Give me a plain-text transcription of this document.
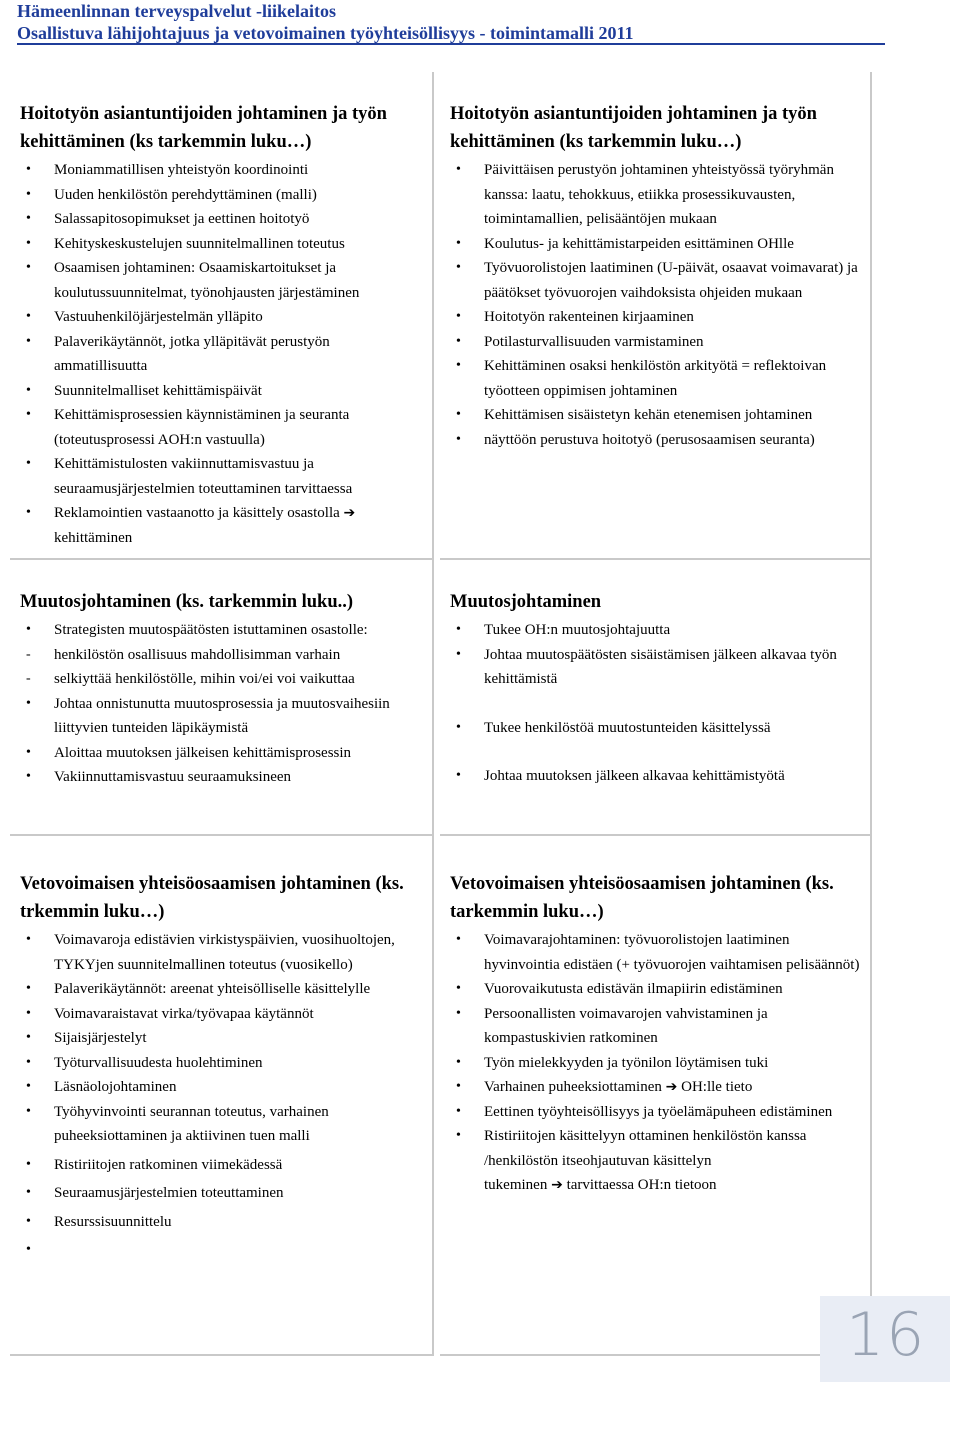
Hämeenlinnan terveyspalvelut -liikelaitos
Osallistuva lähijohtajuus ja vetovoimainen työyhteisöllisyys - toimintamalli 2011
Hoitotyön asiantuntijoiden johtaminen ja työn kehittäminen (ks tarkemmin luku…)
•	Moniammatillisen yhteistyön koordinointi
•	Uuden henkilöstön perehdyttäminen (malli)
•	Salassapitosopimukset ja eettinen hoitotyö
•	Kehityskeskustelujen suunnitelmallinen toteutus
•	Osaamisen johtaminen: Osaamiskartoitukset ja koulutussuunnitelmat, työnohjausten järjestäminen
•	Vastuuhenkilöjärjestelmän ylläpito
•	Palaverikäytännöt, jotka ylläpitävät perustyön ammatillisuutta
•	Suunnitelmalliset kehittämispäivät
•	Kehittämisprosessien käynnistäminen ja seuranta (toteutusprosessi AOH:n vastuulla)
•	Kehittämistulosten vakiinnuttamisvastuu ja seuraamusjärjestelmien toteuttaminen tarvittaessa
•	Reklamointien vastaanotto ja käsittely osastolla ➔
kehittäminen
Hoitotyön asiantuntijoiden johtaminen ja työn kehittäminen (ks tarkemmin luku…)
•	Päivittäisen perustyön johtaminen yhteistyössä työryhmän kanssa: laatu, tehokkuus, etiikka prosessikuvausten, toimintamallien, pelisääntöjen mukaan
•	Koulutus- ja kehittämistarpeiden esittäminen OHlle
•	Työvuorolistojen laatiminen (U-päivät, osaavat voimavarat) ja päätökset työvuorojen vaihdoksista ohjeiden mukaan
•	Hoitotyön rakenteinen kirjaaminen
•	Potilasturvallisuuden varmistaminen
•	Kehittäminen osaksi henkilöstön arkityötä = reflektoivan työotteen oppimisen johtaminen
•	Kehittämisen sisäistetyn kehän etenemisen johtaminen
•	näyttöön perustuva hoitotyö (perusosaamisen seuranta)
Muutosjohtaminen (ks. tarkemmin luku..)
•	Strategisten muutospäätösten istuttaminen osastolle:
-	henkilöstön osallisuus mahdollisimman varhain
-	selkiyttää henkilöstölle, mihin voi/ei voi vaikuttaa
•	Johtaa onnistunutta muutosprosessia ja muutosvaihesiin liittyvien tunteiden läpikäymistä
•	Aloittaa muutoksen jälkeisen kehittämisprosessin
•	Vakiinnuttamisvastuu seuraamuksineen
Muutosjohtaminen
•	Tukee OH:n muutosjohtajuutta
•	Johtaa muutospäätösten sisäistämisen jälkeen alkavaa työn kehittämistä
•	Tukee henkilöstöä muutostunteiden käsittelyssä
•	Johtaa muutoksen jälkeen alkavaa kehittämistyötä
Vetovoimaisen yhteisöosaamisen johtaminen (ks. trkemmin luku…)
•	Voimavaroja edistävien virkistyspäivien, vuosihuoltojen, TYKYjen suunnitelmallinen toteutus (vuosikello)
•	Palaverikäytännöt: areenat yhteisölliselle käsittelylle
•	Voimavaraistavat virka/työvapaa käytännöt
•	Sijaisjärjestelyt
•	Työturvallisuudesta huolehtiminen
•	Läsnäolojohtaminen
•	Työhyvinvointi seurannan toteutus, varhainen puheeksiottaminen ja aktiivinen tuen malli
•	Ristiriitojen ratkominen viimekädessä
•	Seuraamusjärjestelmien toteuttaminen
•	Resurssisuunnittelu
•

Vetovoimaisen yhteisöosaamisen johtaminen (ks. tarkemmin luku…)
•	Voimavarajohtaminen: työvuorolistojen laatiminen hyvinvointia edistäen (+ työvuorojen vaihtamisen pelisäännöt)
•	Vuorovaikutusta edistävän ilmapiirin edistäminen
•	Persoonallisten voimavarojen vahvistaminen ja kompastuskivien ratkominen
•	Työn mielekkyyden ja työnilon löytämisen tuki
•	Varhainen puheeksiottaminen ➔ OH:lle tieto
•	Eettinen työyhteisöllisyys ja työelämäpuheen edistäminen
•	Ristiriitojen käsittelyyn ottaminen henkilöstön kanssa /henkilöstön itseohjautuvan käsittelyn
tukeminen ➔ tarvittaessa OH:n tietoon
16
